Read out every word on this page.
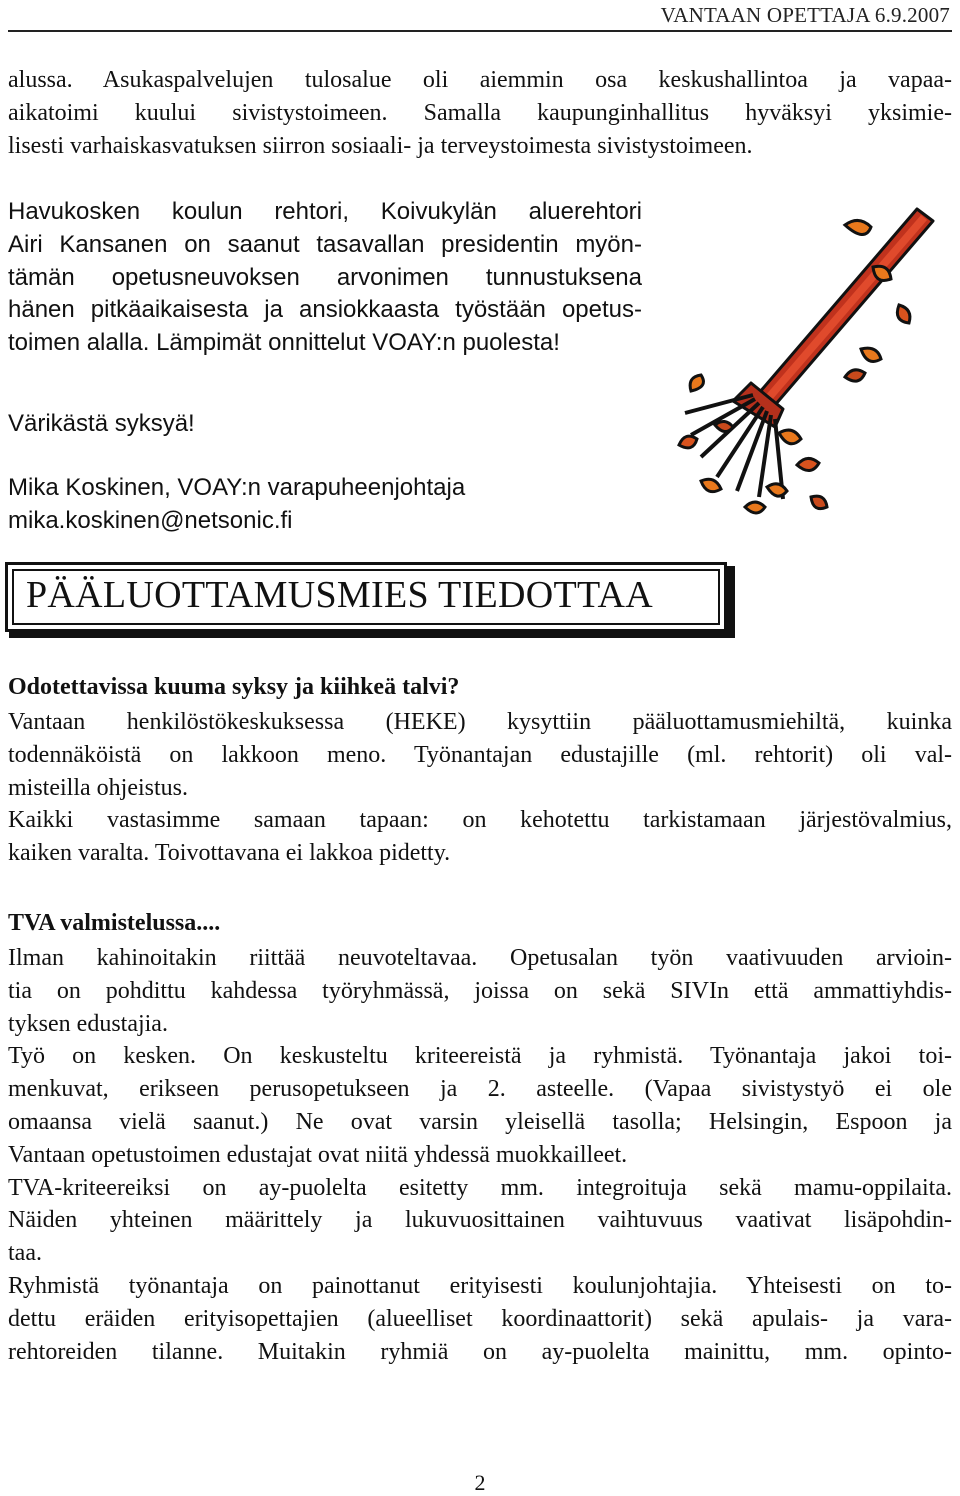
VANTAAN OPETTAJA 6.9.2007
alussa. Asukaspalvelujen tulosalue oli aiemmin osa keskushallintoa ja vapaa-
aikatoimi kuului sivistystoimeen. Samalla kaupunginhallitus hyväksyi yksimie-
lisesti varhaiskasvatuksen siirron sosiaali- ja terveystoimesta sivistystoimeen.
Havukosken koulun rehtori, Koivukylän aluerehtori
Airi Kansanen on saanut tasavallan presidentin myön-
tämän opetusneuvoksen arvonimen tunnustuksena
hänen pitkäaikaisesta ja ansiokkaasta työstään opetus-
toimen alalla. Lämpimät onnittelut VOAY:n puolesta!
Värikästä syksyä!
Mika Koskinen, VOAY:n varapuheenjohtaja
mika.koskinen@netsonic.fi
PÄÄLUOTTAMUSMIES TIEDOTTAA
Odotettavissa kuuma syksy ja kiihkeä talvi?
Vantaan henkilöstökeskuksessa (HEKE) kysyttiin pääluottamusmiehiltä, kuinka
todennäköistä on lakkoon meno. Työnantajan edustajille (ml. rehtorit) oli val-
misteilla ohjeistus.
Kaikki vastasimme samaan tapaan: on kehotettu tarkistamaan järjestövalmius,
kaiken varalta. Toivottavana ei lakkoa pidetty.
TVA valmistelussa....
Ilman kahinoitakin riittää neuvoteltavaa. Opetusalan työn vaativuuden arvioin-
tia on pohdittu kahdessa työryhmässä, joissa on sekä SIVIn että ammattiyhdis-
tyksen edustajia.
Työ on kesken. On keskusteltu kriteereistä ja ryhmistä. Työnantaja jakoi toi-
menkuvat, erikseen perusopetukseen ja 2. asteelle. (Vapaa sivistystyö ei ole
omaansa vielä saanut.) Ne ovat varsin yleisellä tasolla; Helsingin, Espoon ja
Vantaan opetustoimen edustajat ovat niitä yhdessä muokkailleet.
TVA-kriteereiksi on ay-puolelta esitetty mm. integroituja sekä mamu-oppilaita.
Näiden yhteinen määrittely ja lukuvuosittainen vaihtuvuus vaativat lisäpohdin-
taa.
Ryhmistä työnantaja on painottanut erityisesti koulunjohtajia. Yhteisesti on to-
dettu eräiden erityisopettajien (alueelliset koordinaattorit) sekä apulais- ja vara-
rehtoreiden tilanne. Muitakin ryhmiä on ay-puolelta mainittu, mm. opinto-
2
